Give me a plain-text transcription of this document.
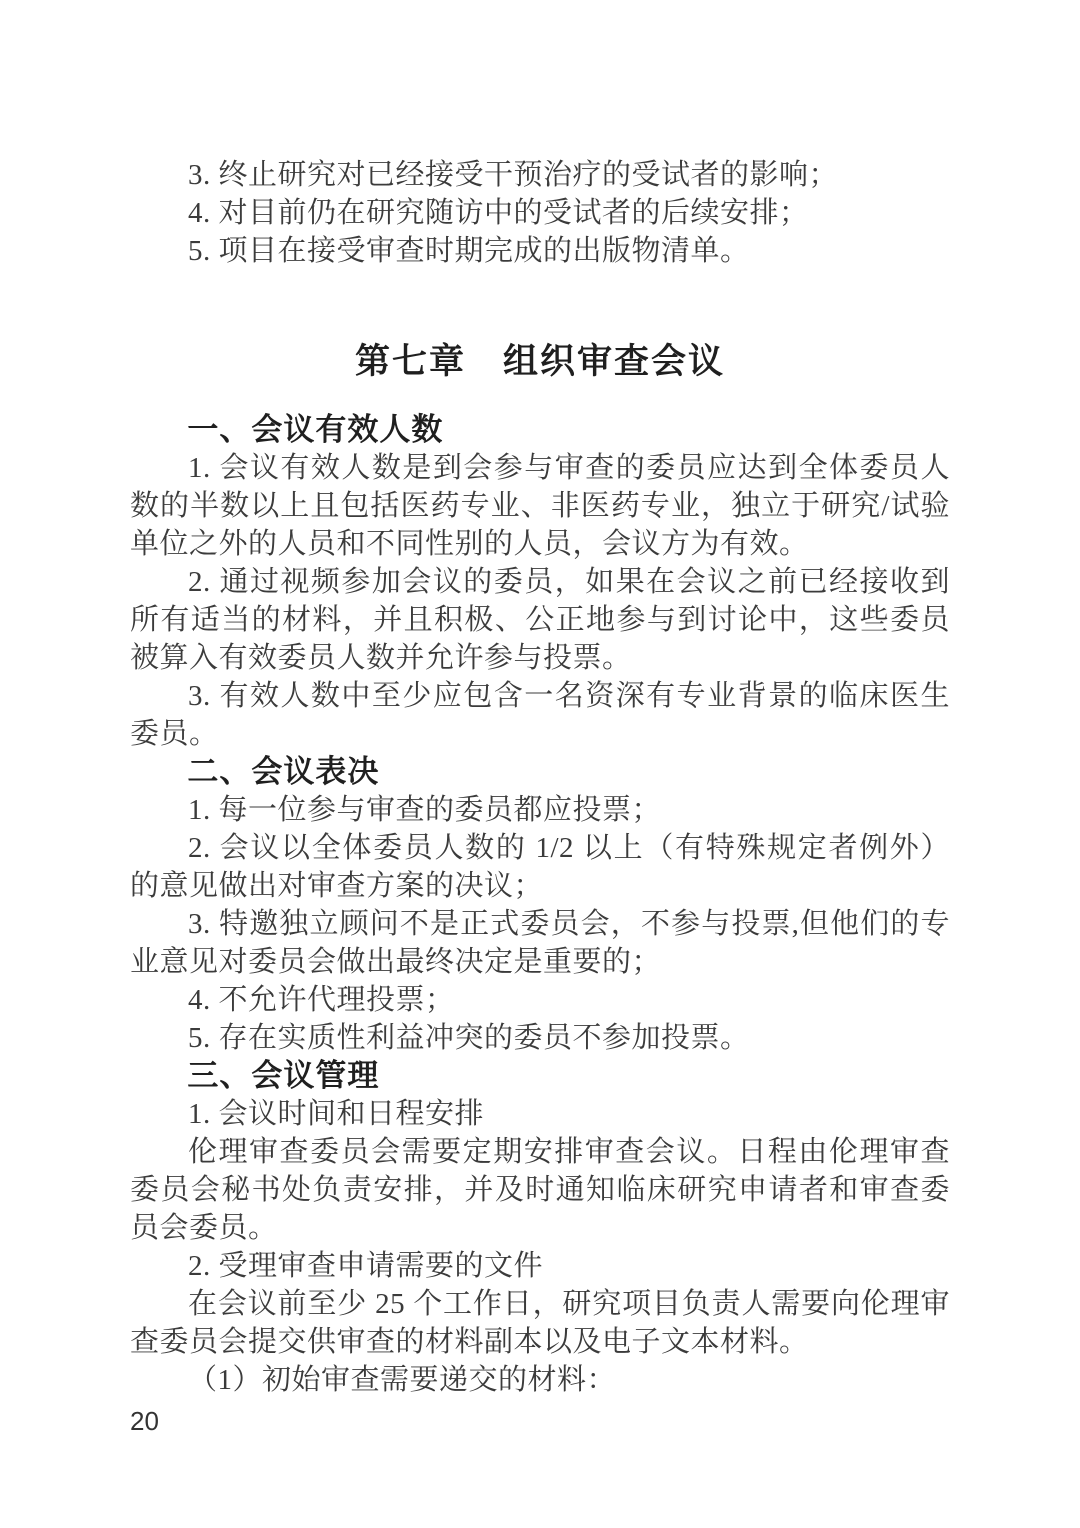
3. 终止研究对已经接受干预治疗的受试者的影响；

4. 对目前仍在研究随访中的受试者的后续安排；

5. 项目在接受审查时期完成的出版物清单。

第七章　组织审查会议
一、会议有效人数

1. 会议有效人数是到会参与审查的委员应达到全体委员人数的半数以上且包括医药专业、非医药专业，独立于研究/试验单位之外的人员和不同性别的人员，会议方为有效。

2. 通过视频参加会议的委员，如果在会议之前已经接收到所有适当的材料，并且积极、公正地参与到讨论中，这些委员被算入有效委员人数并允许参与投票。

3. 有效人数中至少应包含一名资深有专业背景的临床医生委员。

二、会议表决

1. 每一位参与审查的委员都应投票；

2. 会议以全体委员人数的 1/2 以上（有特殊规定者例外）的意见做出对审查方案的决议；

3. 特邀独立顾问不是正式委员会，不参与投票,但他们的专业意见对委员会做出最终决定是重要的；

4. 不允许代理投票；

5. 存在实质性利益冲突的委员不参加投票。

三、会议管理

1. 会议时间和日程安排

伦理审查委员会需要定期安排审查会议。日程由伦理审查委员会秘书处负责安排，并及时通知临床研究申请者和审查委员会委员。

2. 受理审查申请需要的文件

在会议前至少 25 个工作日，研究项目负责人需要向伦理审查委员会提交供审查的材料副本以及电子文本材料。

（1）初始审查需要递交的材料：

20
